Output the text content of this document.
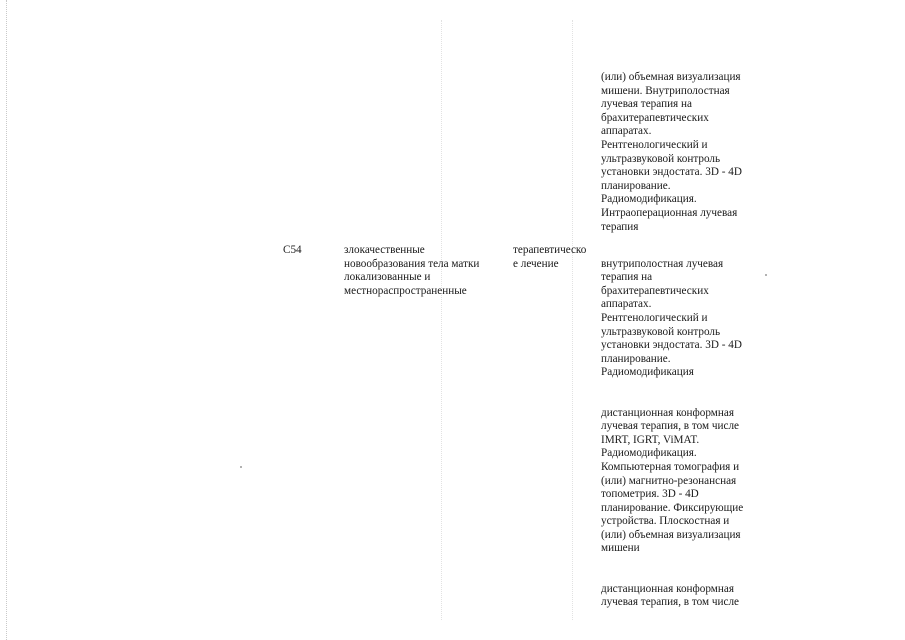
(или) объемная визуализация
мишени. Внутриполостная
лучевая терапия на
брахитерапевтических
аппаратах.
Рентгенологический и
ультразвуковой контроль
установки эндостата. 3D - 4D
планирование.
Радиомодификация.
Интраоперационная лучевая
терапия

C54	злокачественные
новообразования тела матки
локализованные и
местнораспространенные

терапевтическо
е лечение	внутриполостная лучевая
терапия на
брахитерапевтических
аппаратах.
Рентгенологический и
ультразвуковой контроль
установки эндостата. 3D - 4D
планирование.
Радиомодификация

дистанционная конформная
лучевая терапия, в том числе
IMRT, IGRT, ViMAT.
Радиомодификация.
Компьютерная томография и
(или) магнитно-резонансная
топометрия. 3D - 4D
планирование. Фиксирующие
устройства. Плоскостная и
(или) объемная визуализация
мишени

дистанционная конформная
лучевая терапия, в том числе
